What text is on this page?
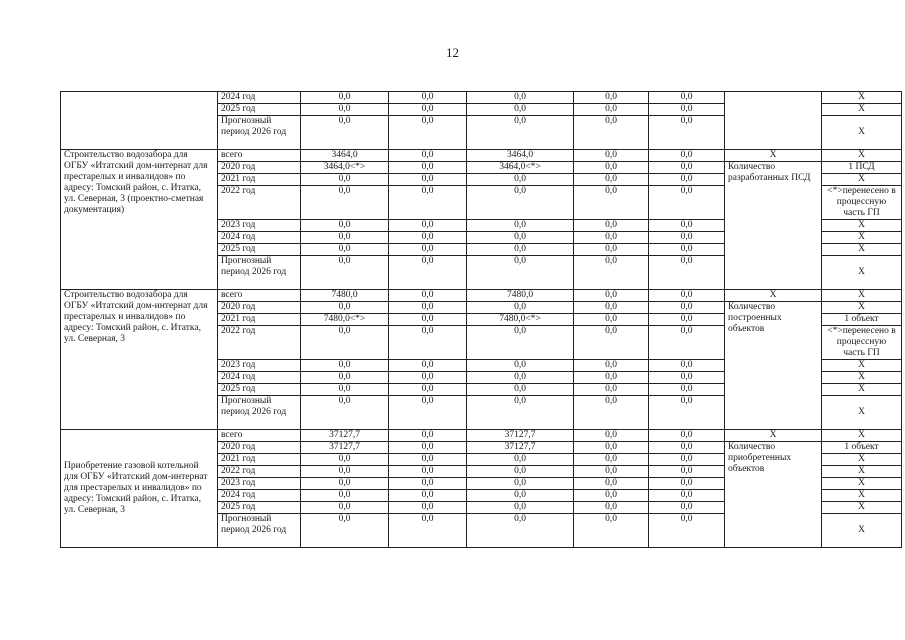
12
	2024 год	0,0	0,0	0,0	0,0	0,0		Х
	2025 год	0,0	0,0	0,0	0,0	0,0		Х
	Прогнозный период 2026 год	0,0	0,0	0,0	0,0	0,0		Х
Строительство водозабора для ОГБУ «Итатский дом-интернат для престарелых и инвалидов» по адресу: Томский район, с. Итатка, ул. Северная, 3 (проектно-сметная документация)	всего	3464,0	0,0	3464,0	0,0	0,0	Х	Х
	2020 год	3464,0<*>	0,0	3464,0<*>	0,0	0,0	Количество разработанных ПСД	1 ПСД
	2021 год	0,0	0,0	0,0	0,0	0,0		Х
	2022 год	0,0	0,0	0,0	0,0	0,0		<*>перенесено в процессную часть ГП
	2023 год	0,0	0,0	0,0	0,0	0,0		Х
	2024 год	0,0	0,0	0,0	0,0	0,0		Х
	2025 год	0,0	0,0	0,0	0,0	0,0		Х
	Прогнозный период 2026 год	0,0	0,0	0,0	0,0	0,0		Х
Строительство водозабора для ОГБУ «Итатский дом-интернат для престарелых и инвалидов» по адресу: Томский район, с. Итатка, ул. Северная, 3	всего	7480,0	0,0	7480,0	0,0	0,0	Х	Х
	2020 год	0,0	0,0	0,0	0,0	0,0	Количество построенных объектов	Х
	2021 год	7480,0<*>	0,0	7480,0<*>	0,0	0,0		1 объект
	2022 год	0,0	0,0	0,0	0,0	0,0		<*>перенесено в процессную часть ГП
	2023 год	0,0	0,0	0,0	0,0	0,0		Х
	2024 год	0,0	0,0	0,0	0,0	0,0		Х
	2025 год	0,0	0,0	0,0	0,0	0,0		Х
	Прогнозный период 2026 год	0,0	0,0	0,0	0,0	0,0		Х
Приобретение газовой котельной для ОГБУ «Итатский дом-интернат для престарелых и инвалидов» по адресу: Томский район, с. Итатка, ул. Северная, 3	всего	37127,7	0,0	37127,7	0,0	0,0	Х	Х
	2020 год	37127,7	0,0	37127,7	0,0	0,0	Количество приобретенных объектов	1 объект
	2021 год	0,0	0,0	0,0	0,0	0,0		Х
	2022 год	0,0	0,0	0,0	0,0	0,0		Х
	2023 год	0,0	0,0	0,0	0,0	0,0		Х
	2024 год	0,0	0,0	0,0	0,0	0,0		Х
	2025 год	0,0	0,0	0,0	0,0	0,0		Х
	Прогнозный период 2026 год	0,0	0,0	0,0	0,0	0,0		Х
